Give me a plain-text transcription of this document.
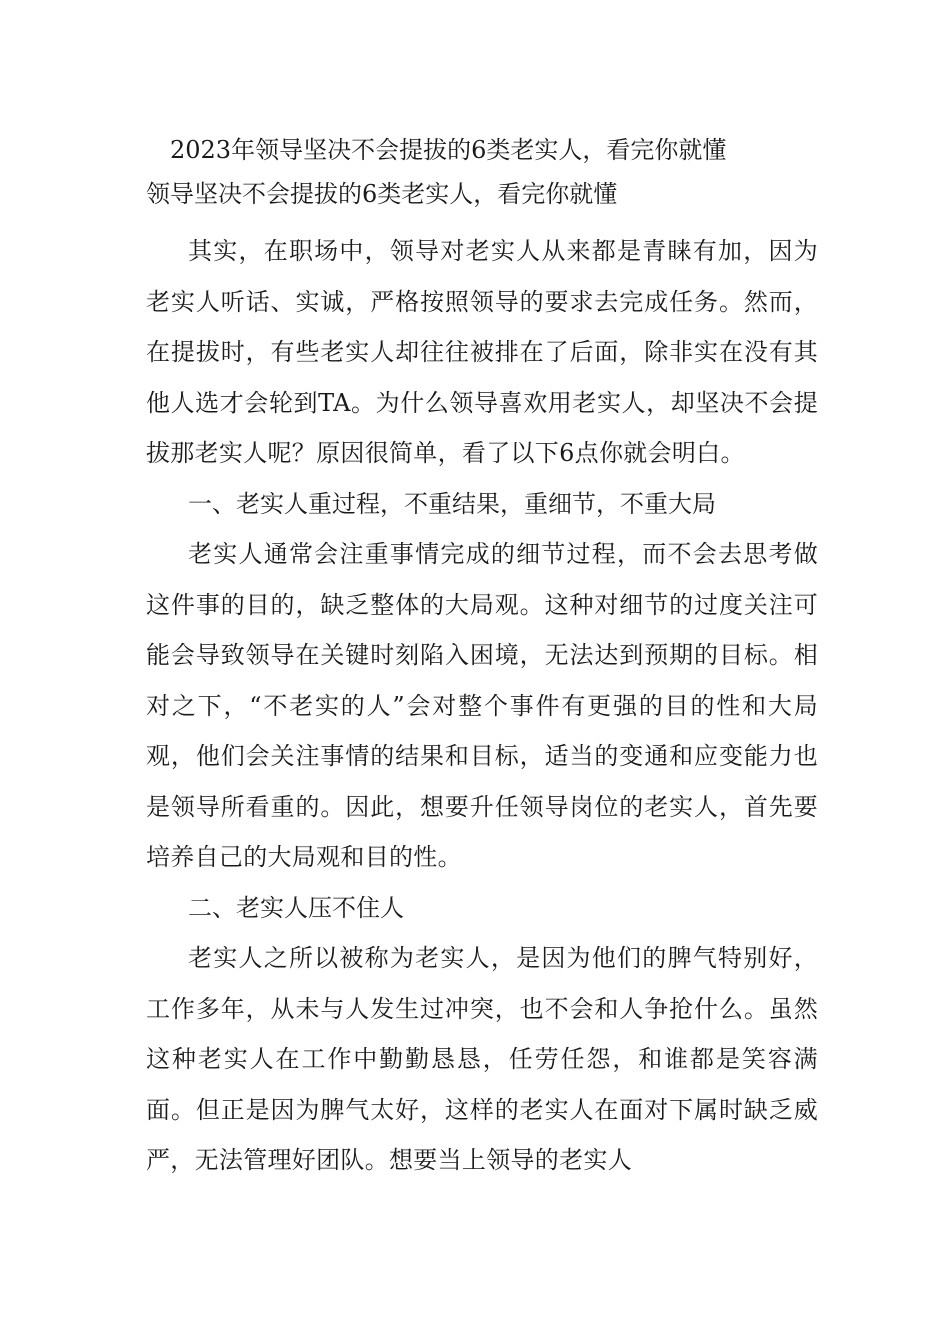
2023年领导坚决不会提拔的6类老实人，看完你就懂
领导坚决不会提拔的6类老实人，看完你就懂

其实，在职场中，领导对老实人从来都是青睐有加，因为老实人听话、实诚，严格按照领导的要求去完成任务。然而，在提拔时，有些老实人却往往被排在了后面，除非实在没有其他人选才会轮到TA。为什么领导喜欢用老实人，却坚决不会提拔那老实人呢？原因很简单，看了以下6点你就会明白。

一、老实人重过程，不重结果，重细节，不重大局

老实人通常会注重事情完成的细节过程，而不会去思考做这件事的目的，缺乏整体的大局观。这种对细节的过度关注可能会导致领导在关键时刻陷入困境，无法达到预期的目标。相对之下，“不老实的人”会对整个事件有更强的目的性和大局观，他们会关注事情的结果和目标，适当的变通和应变能力也是领导所看重的。因此，想要升任领导岗位的老实人，首先要培养自己的大局观和目的性。

二、老实人压不住人

老实人之所以被称为老实人，是因为他们的脾气特别好，工作多年，从未与人发生过冲突，也不会和人争抢什么。虽然这种老实人在工作中勤勤恳恳，任劳任怨，和谁都是笑容满面。但正是因为脾气太好，这样的老实人在面对下属时缺乏威严，无法管理好团队。想要当上领导的老实人
